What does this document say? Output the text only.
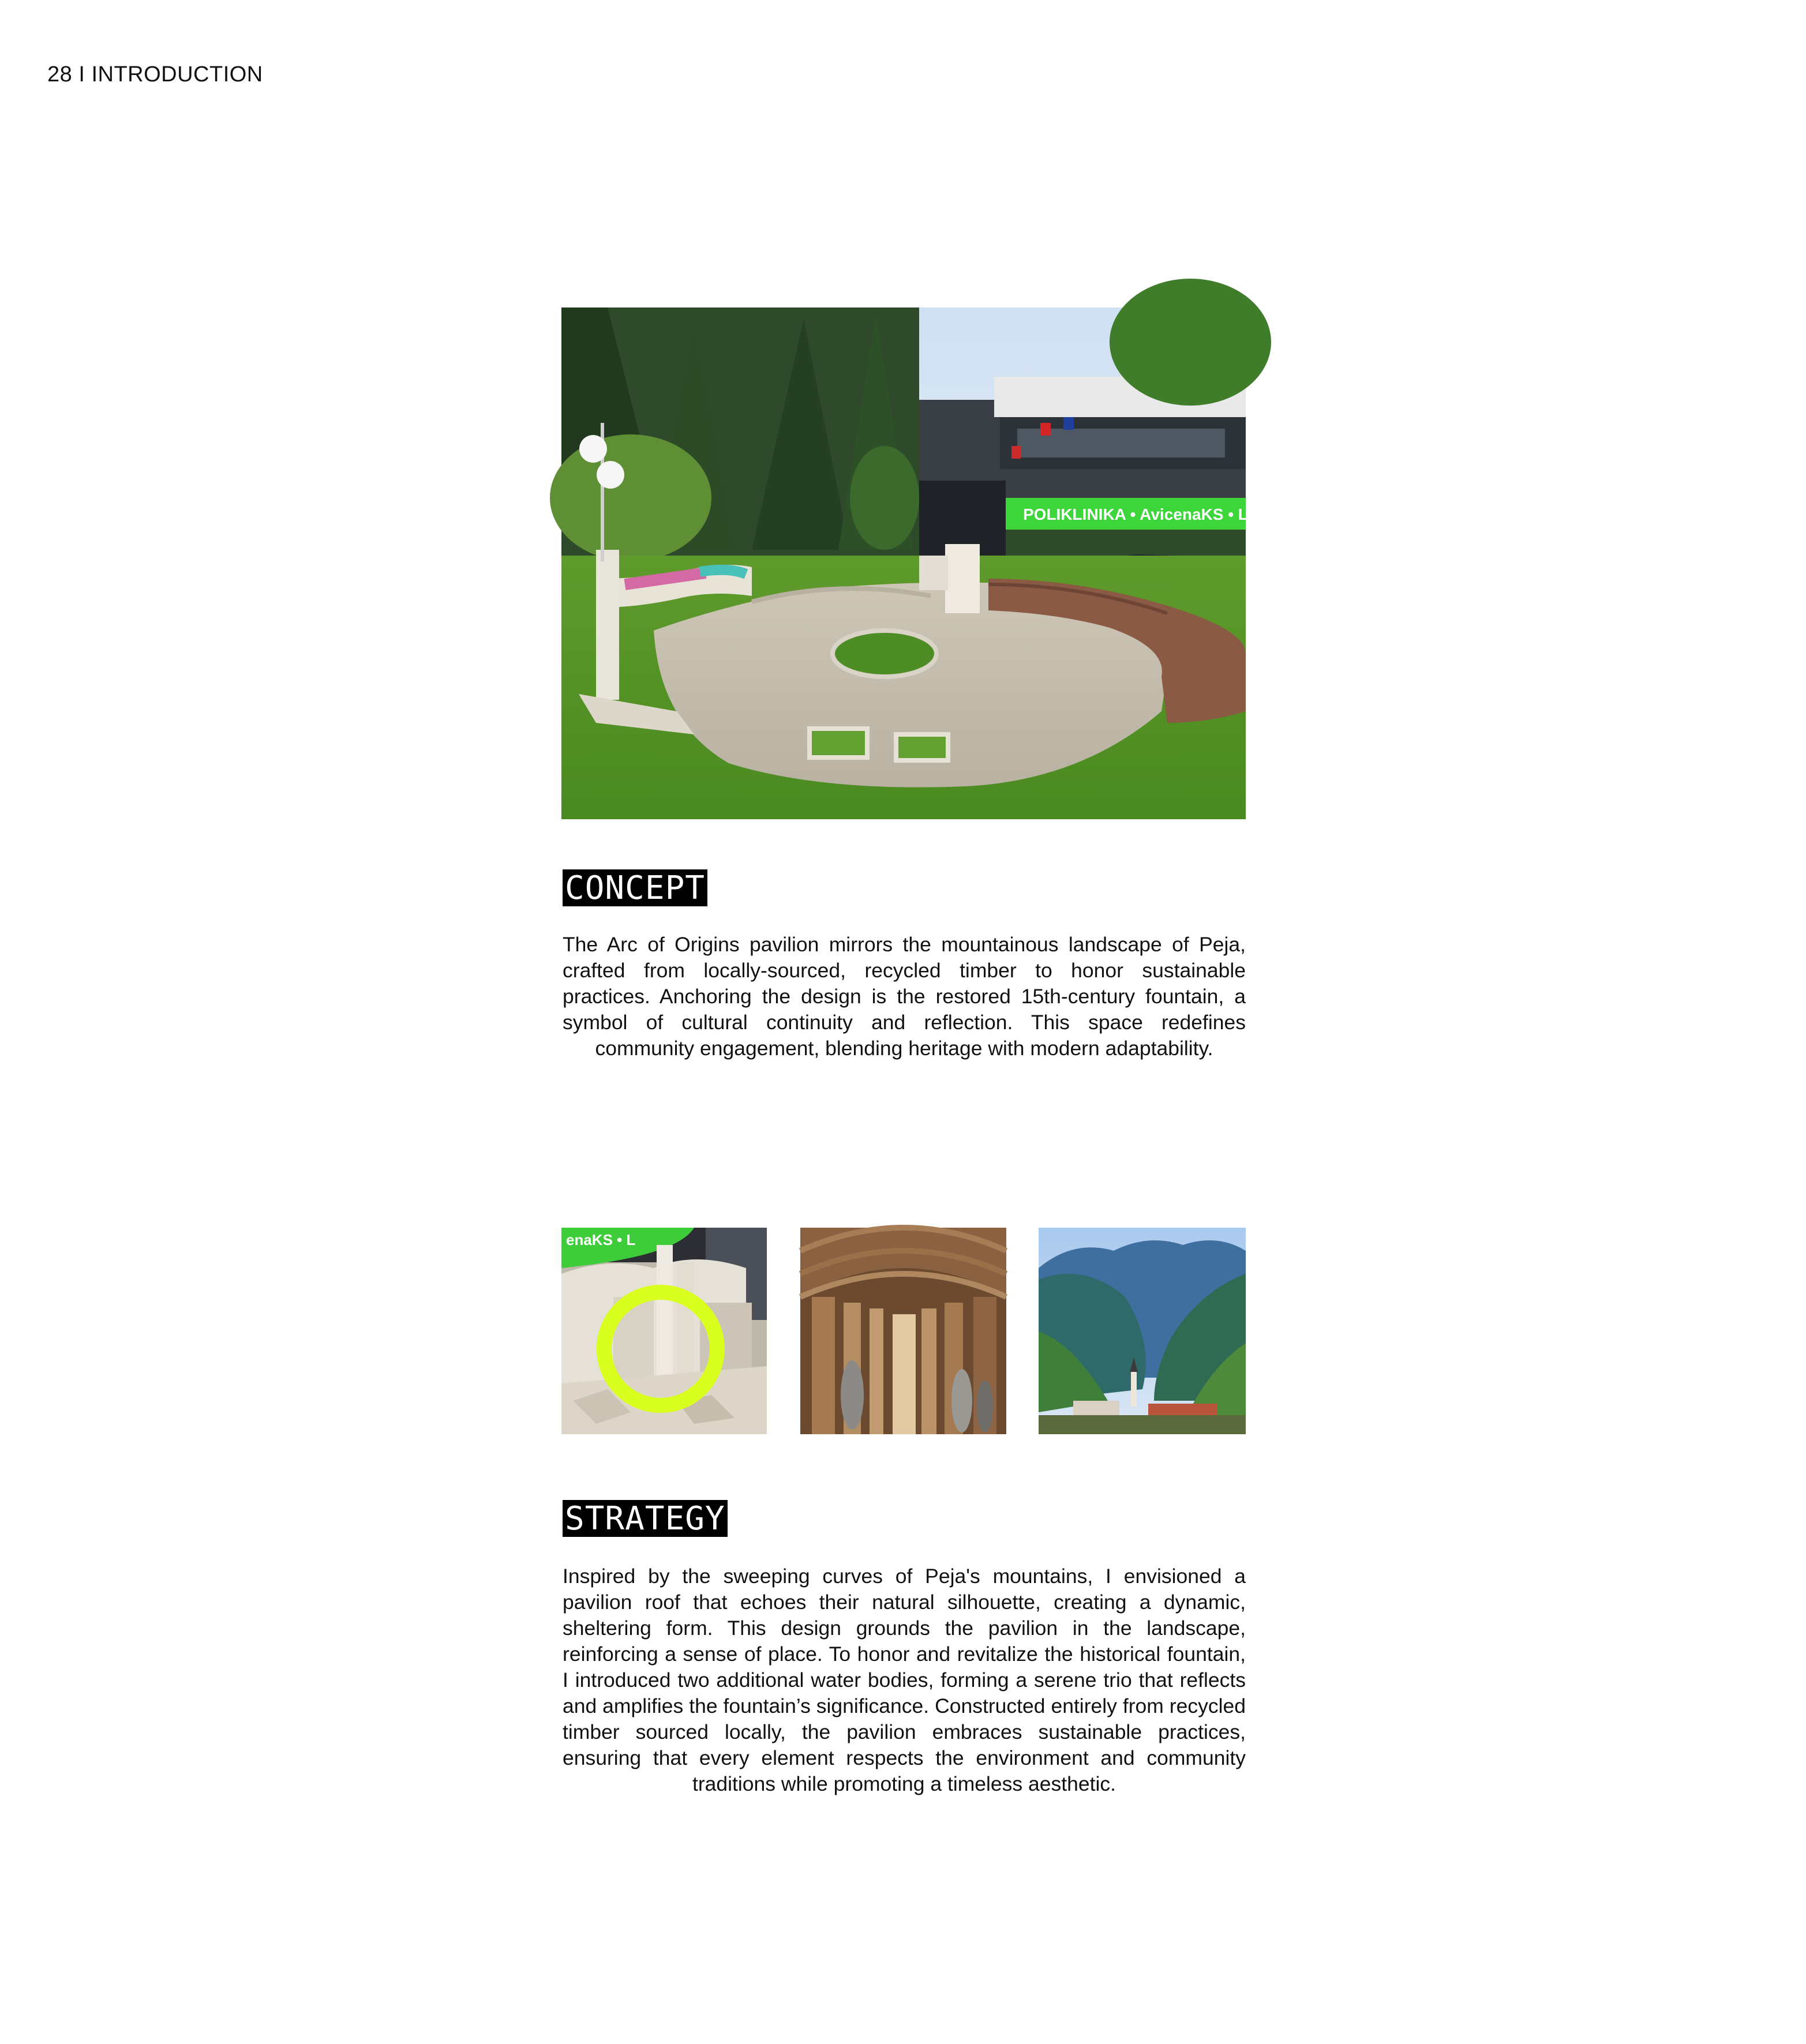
28 I INTRODUCTION
POLIKLINIKA • AvicenaKS • LABOR
CONCEPT
The Arc of Origins pavilion mirrors the mountainous landscape of Peja, crafted from locally-sourced, recycled timber to honor sustainable practices. Anchoring the design is the restored 15th-century fountain, a symbol of cultural continuity and reflection. This space redefines community engagement, blending heritage with modern adaptability.
enaKS • L
STRATEGY
Inspired by the sweeping curves of Peja's mountains, I envisioned a pavilion roof that echoes their natural silhouette, creating a dynamic, sheltering form. This design grounds the pavilion in the landscape, reinforcing a sense of place. To honor and revitalize the historical fountain, I introduced two additional water bodies, forming a serene trio that reflects and amplifies the fountain’s significance. Constructed entirely from recycled timber sourced locally, the pavilion embraces sustainable practices, ensuring that every element respects the environment and community traditions while promoting a timeless aesthetic.
